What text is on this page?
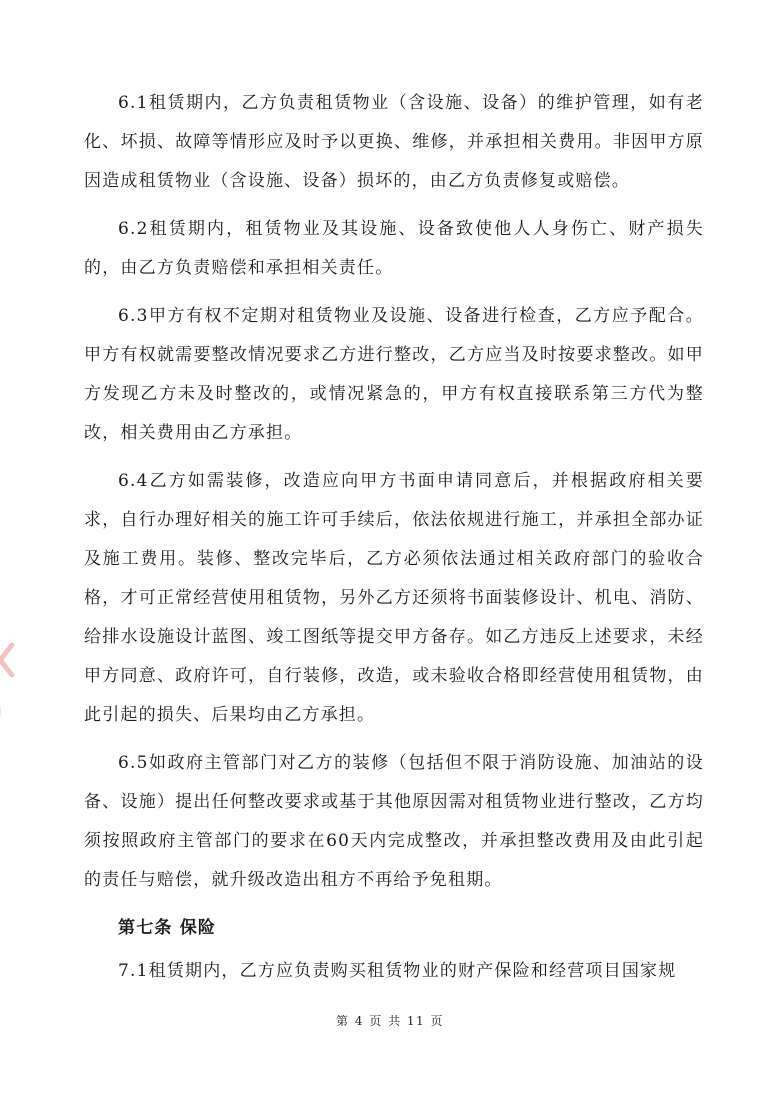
6.1租赁期内，乙方负责租赁物业（含设施、设备）的维护管理，如有老化、坏损、故障等情形应及时予以更换、维修，并承担相关费用。非因甲方原因造成租赁物业（含设施、设备）损坏的，由乙方负责修复或赔偿。

6.2租赁期内，租赁物业及其设施、设备致使他人人身伤亡、财产损失的，由乙方负责赔偿和承担相关责任。

6.3甲方有权不定期对租赁物业及设施、设备进行检查，乙方应予配合。甲方有权就需要整改情况要求乙方进行整改，乙方应当及时按要求整改。如甲方发现乙方未及时整改的，或情况紧急的，甲方有权直接联系第三方代为整改，相关费用由乙方承担。

6.4乙方如需装修，改造应向甲方书面申请同意后，并根据政府相关要求，自行办理好相关的施工许可手续后，依法依规进行施工，并承担全部办证及施工费用。装修、整改完毕后，乙方必须依法通过相关政府部门的验收合格，才可正常经营使用租赁物，另外乙方还须将书面装修设计、机电、消防、给排水设施设计蓝图、竣工图纸等提交甲方备存。如乙方违反上述要求，未经甲方同意、政府许可，自行装修，改造，或未验收合格即经营使用租赁物，由此引起的损失、后果均由乙方承担。

6.5如政府主管部门对乙方的装修（包括但不限于消防设施、加油站的设备、设施）提出任何整改要求或基于其他原因需对租赁物业进行整改，乙方均须按照政府主管部门的要求在60天内完成整改，并承担整改费用及由此引起的责任与赔偿，就升级改造出租方不再给予免租期。

第七条 保险

7.1租赁期内，乙方应负责购买租赁物业的财产保险和经营项目国家规

第 4 页 共 11 页
